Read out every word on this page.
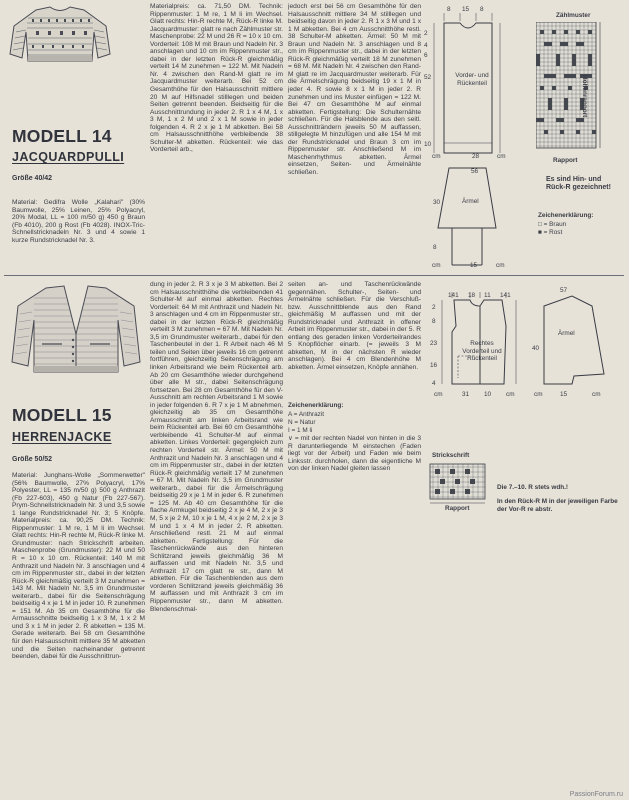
MODELL 14
JACQUARDPULLI
Größe 40/42
Material: Gedifra Wolle „Kalahari" (30% Baumwolle, 25% Leinen, 25% Polyacryl, 20% Modal, LL = 100 m/50 g) 450 g Braun (Fb 4010), 200 g Rost (Fb 4028). INOX-Tric-Schnellstricknadeln Nr. 3 und 4 sowie 1 kurze Rundstricknadel Nr. 3.
Materialpreis: ca. 71,50 DM. Technik: Rippenmuster: 1 M re, 1 M li im Wechsel. Glatt rechts: Hin-R rechte M, Rück-R linke M. Jacquardmuster: glatt re nach Zählmuster str. Maschenprobe: 22 M und 26 R = 10 x 10 cm. Vorderteil: 108 M mit Braun und Nadeln Nr. 3 anschlagen und 10 cm im Rippenmuster str., dabei in der letzten Rück-R gleichmäßig verteilt 14 M zunehmen = 122 M. Mit Nadeln Nr. 4 zwischen den Rand-M glatt re im Jacquardmuster weiterarb. Bei 52 cm Gesamthöhe für den Halsausschnitt mittlere 20 M auf Hilfsnadel stilllegen und beiden Seiten getrennt beenden. Beidseitig für die Ausschnittrundung in jeder 2. R 1 x 4 M, 1 x 3 M, 1 x 2 M und 2 x 1 M sowie in jeder folgenden 4. R 2 x je 1 M abketten. Bei 58 cm Halsausschnitthöhe verbleibende 38 Schulter-M abketten. Rückenteil: wie das Vorderteil arb.,
jedoch erst bei 56 cm Gesamthöhe für den Halsausschnitt mittlere 34 M stilllegen und beidseitig davon in jeder 2. R 1 x 3 M und 1 x 1 M abketten. Bei 4 cm Ausschnitthöhe restl. 38 Schulter-M abketten. Ärmel: 50 M mit Braun und Nadeln Nr. 3 anschlagen und 8 cm im Rippenmuster str., dabei in der letzten Rück-R gleichmäßig verteilt 18 M zunehmen = 68 M. Mit Nadeln Nr. 4 zwischen den Rand-M glatt re im Jacquardmuster weiterarb. Für die Ärmelschrägung beidseitig 19 x 1 M in jeder 4. R sowie 8 x 1 M in jeder 2. R zunehmen und ins Muster einfügen = 122 M. Bei 47 cm Gesamthöhe M auf einmal abketten. Fertigstellung: Die Schulternähte schließen. Für die Halsblende aus den seitl. Ausschnitträndern jeweils 50 M auffassen, stillgelegte M hinzufügen und alle 154 M mit der Rundstricknadel und Braun 3 cm im Rippenmuster str. Anschließend M im Maschenrhythmus abketten. Ärmel einsetzen, Seiten- und Ärmelnähte schließen.
Vorder- und Rückenteil
Ärmel
8 15 8
2
4
6
52
10
cm	28	cm
56
30
8
cm	15	cm
Zählmuster
Höhenrapport
Rapport
Es sind Hin- und Rück-R gezeichnet!
Zeichenerklärung:
□ = Braun
■ = Rost
MODELL 15
HERRENJACKE
Größe 50/52
Material: Junghans-Wolle „Sommerwetter" (56% Baumwolle, 27% Polyacryl, 17% Polyester, LL = 135 m/50 g) 500 g Anthrazit (Fb 227-603), 450 g Natur (Fb 227-567). Prym-Schnellstricknadeln Nr. 3 und 3,5 sowie 1 lange Rundstricknadel Nr. 3; 5 Knöpfe. Materialpreis: ca. 90,25 DM. Technik: Rippenmuster: 1 M re, 1 M li im Wechsel. Glatt rechts: Hin-R rechte M, Rück-R linke M. Grundmuster: nach Strickschrift arbeiten. Maschenprobe (Grundmuster): 22 M und 50 R = 10 x 10 cm. Rückenteil: 140 M mit Anthrazit und Nadeln Nr. 3 anschlagen und 4 cm im Rippenmuster str., dabei in der letzten Rück-R gleichmäßig verteilt 3 M zunehmen = 143 M. Mit Nadeln Nr. 3,5 im Grundmuster weiterarb., dabei für die Seitenschrägung beidseitig 4 x je 1 M in jeder 10. R zunehmen = 151 M. Ab 35 cm Gesamthöhe für die Armausschnitte beidseitig 1 x 3 M, 1 x 2 M und 3 x 1 M in jeder 2. R abketten = 135 M. Gerade weiterarb. Bei 58 cm Gesamthöhe für den Halsausschnitt mittlere 35 M abketten und die Seiten nacheinander getrennt beenden, dabei für die Ausschnittrun-
dung in jeder 2. R 3 x je 3 M abketten. Bei 2 cm Halsausschnitthöhe die verbleibenden 41 Schulter-M auf einmal abketten. Rechtes Vorderteil: 64 M mit Anthrazit und Nadeln Nr. 3 anschlagen und 4 cm im Rippenmuster str., dabei in der letzten Rück-R gleichmäßig verteilt 3 M zunehmen = 67 M. Mit Nadeln Nr. 3,5 im Grundmuster weiterarb., dabei für den Taschenbeutel in der 1. R Arbeit nach 46 M teilen und Seiten über jeweils 16 cm getrennt fortführen, gleichzeitig Seitenschrägung am linken Arbeitsrand wie beim Rückenteil arb. Ab 20 cm Gesamthöhe wieder durchgehend über alle M str., dabei Seitenschrägung fortsetzen. Bei 28 cm Gesamthöhe für den V-Ausschnitt am rechten Arbeitsrand 1 M sowie in jeder folgenden 6. R 7 x je 1 M abnehmen, gleichzeitig ab 35 cm Gesamthöhe Armausschnitt am linken Arbeitsrand wie beim Rückenteil arb. Bei 60 cm Gesamthöhe verbleibende 41 Schulter-M auf einmal abketten. Linkes Vorderteil: gegengleich zum rechten Vorderteil str. Ärmel: 50 M mit Anthrazit und Nadeln Nr. 3 anschlagen und 4 cm im Rippenmuster str., dabei in der letzten Rück-R gleichmäßig verteilt 17 M zunehmen = 67 M. Mit Nadeln Nr. 3,5 im Grundmuster weiterarb., dabei für die Ärmelschrägung beidseitig 29 x je 1 M in jeder 6. R zunehmen = 125 M. Ab 40 cm Gesamthöhe für die flache Armkugel beidseitig 2 x je 4 M, 2 x je 3 M, 5 x je 2 M, 10 x je 1 M, 4 x je 2 M, 2 x je 3 M und 1 x 4 M in jeder 2. R abketten. Anschließend restl. 21 M auf einmal abketten. Fertigstellung: Für die Taschenrückwände aus den hinteren Schlitzrand jeweils gleichmäßig 36 M auffassen und mit Nadeln Nr. 3,5 und Anthrazit 17 cm glatt re str., dann M abketten. Für die Taschenblenden aus dem vorderen Schlitzrand jeweils gleichmäßig 36 M auffassen und mit Anthrazit 3 cm im Rippenmuster str., dann M abketten. Blendenschmal-
seiten an- und Taschenrückwände gegennähen. Schulter-, Seiten- und Ärmelnähte schließen. Für die Verschluß- bzw. Ausschnittblende aus den Rand gleichmäßig M auffassen und mit der Rundstricknadel und Anthrazit in offener Arbeit im Rippenmuster str., dabei in der 5. R entlang des geraden linken Vorderteilrandes 5 Knopflöcher einarb. (= jeweils 3 M abketten, M in der nächsten R wieder anschlagen). Bei 4 cm Blendenhöhe M abketten. Ärmel einsetzen, Knöpfe annähen.
Zeichenerklärung:
A = Anthrazit
N = Natur
I = 1 M li
∨ = mit der rechten Nadel von hinten in die 3 R darunterliegende M einstechen (Faden liegt vor der Arbeit) und Faden wie beim Linksstr. durchholen, dann die eigentliche M von der linken Nadel gleiten lassen
Rechtes Vorderteil und Rückenteil
Ärmel
141 18 11 141
2
8
23
16
4
cm	31 10 cm
57
40
cm	15	cm
Strickschrift
Rapport
Die 7.–10. R stets wdh.!
In den Rück-R M in der jeweiligen Farbe der Vor-R re abstr.
PassionForum.ru
